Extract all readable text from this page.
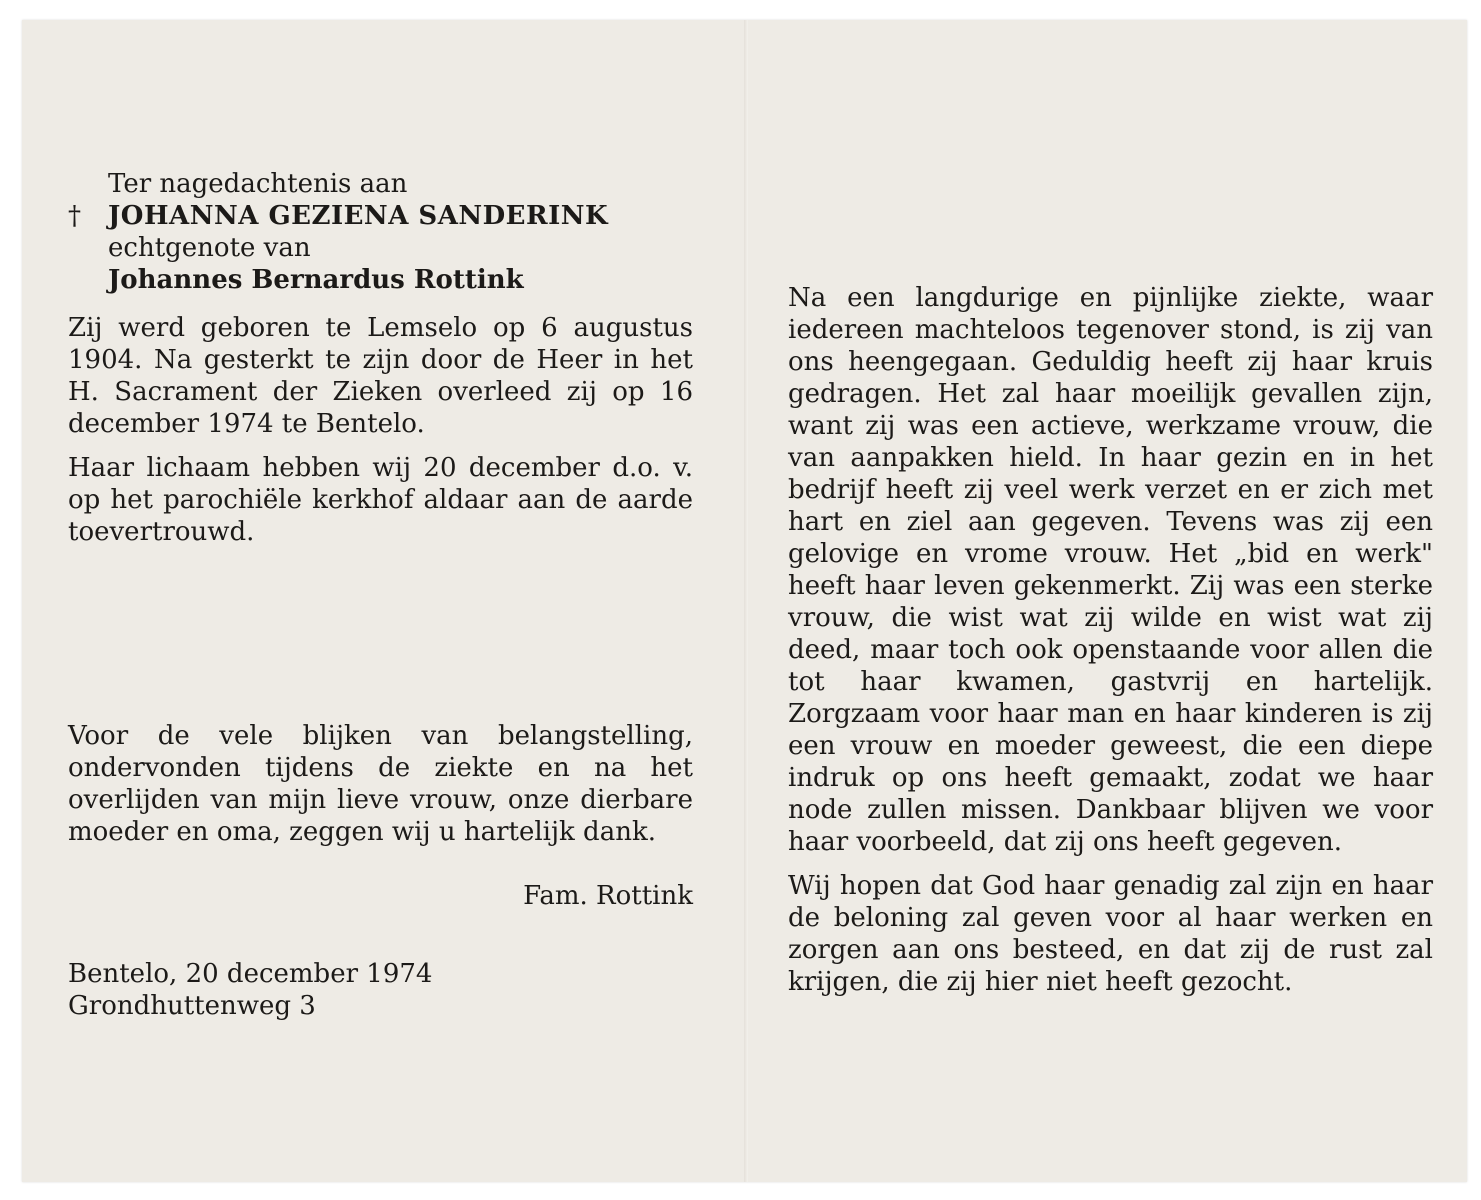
Ter nagedachtenis aan
† JOHANNA GEZIENA SANDERINK
echtgenote van
Johannes Bernardus Rottink

Zij werd geboren te Lemselo op 6 augustus 1904. Na gesterkt te zijn door de Heer in het H. Sacrament der Zieken overleed zij op 16 december 1974 te Bentelo.

Haar lichaam hebben wij 20 december d.o. v. op het parochiële kerkhof aldaar aan de aarde toevertrouwd.

Voor de vele blijken van belangstelling, ondervonden tijdens de ziekte en na het overlijden van mijn lieve vrouw, onze dierbare moeder en oma, zeggen wij u hartelijk dank.

Fam. Rottink
Bentelo, 20 december 1974
Grondhuttenweg 3

Na een langdurige en pijnlijke ziekte, waar iedereen machteloos tegenover stond, is zij van ons heengegaan. Geduldig heeft zij haar kruis gedragen. Het zal haar moeilijk gevallen zijn, want zij was een actieve, werkzame vrouw, die van aanpakken hield. In haar gezin en in het bedrijf heeft zij veel werk verzet en er zich met hart en ziel aan gegeven. Tevens was zij een gelovige en vrome vrouw. Het „bid en werk" heeft haar leven gekenmerkt. Zij was een sterke vrouw, die wist wat zij wilde en wist wat zij deed, maar toch ook openstaande voor allen die tot haar kwamen, gastvrij en hartelijk. Zorgzaam voor haar man en haar kinderen is zij een vrouw en moeder geweest, die een diepe indruk op ons heeft gemaakt, zodat we haar node zullen missen. Dankbaar blijven we voor haar voorbeeld, dat zij ons heeft gegeven.

Wij hopen dat God haar genadig zal zijn en haar de beloning zal geven voor al haar werken en zorgen aan ons besteed, en dat zij de rust zal krijgen, die zij hier niet heeft gezocht.
